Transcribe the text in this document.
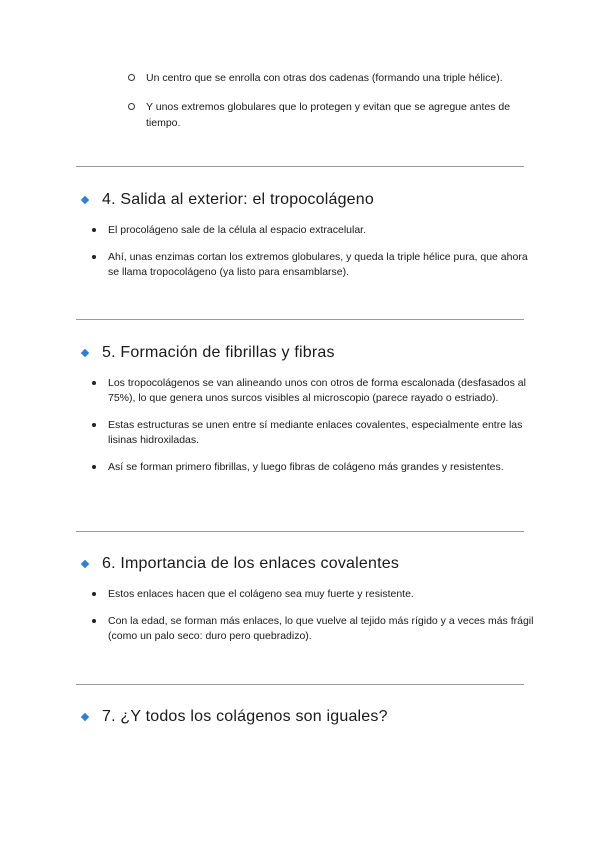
Un centro que se enrolla con otras dos cadenas (formando una triple hélice).
Y unos extremos globulares que lo protegen y evitan que se agregue antes de tiempo.
4. Salida al exterior: el tropocolágeno
El procolágeno sale de la célula al espacio extracelular.
Ahí, unas enzimas cortan los extremos globulares, y queda la triple hélice pura, que ahora se llama tropocolágeno (ya listo para ensamblarse).
5. Formación de fibrillas y fibras
Los tropocolágenos se van alineando unos con otros de forma escalonada (desfasados al 75%), lo que genera unos surcos visibles al microscopio (parece rayado o estriado).
Estas estructuras se unen entre sí mediante enlaces covalentes, especialmente entre las lisinas hidroxiladas.
Así se forman primero fibrillas, y luego fibras de colágeno más grandes y resistentes.
6. Importancia de los enlaces covalentes
Estos enlaces hacen que el colágeno sea muy fuerte y resistente.
Con la edad, se forman más enlaces, lo que vuelve al tejido más rígido y a veces más frágil (como un palo seco: duro pero quebradizo).
7. ¿Y todos los colágenos son iguales?
